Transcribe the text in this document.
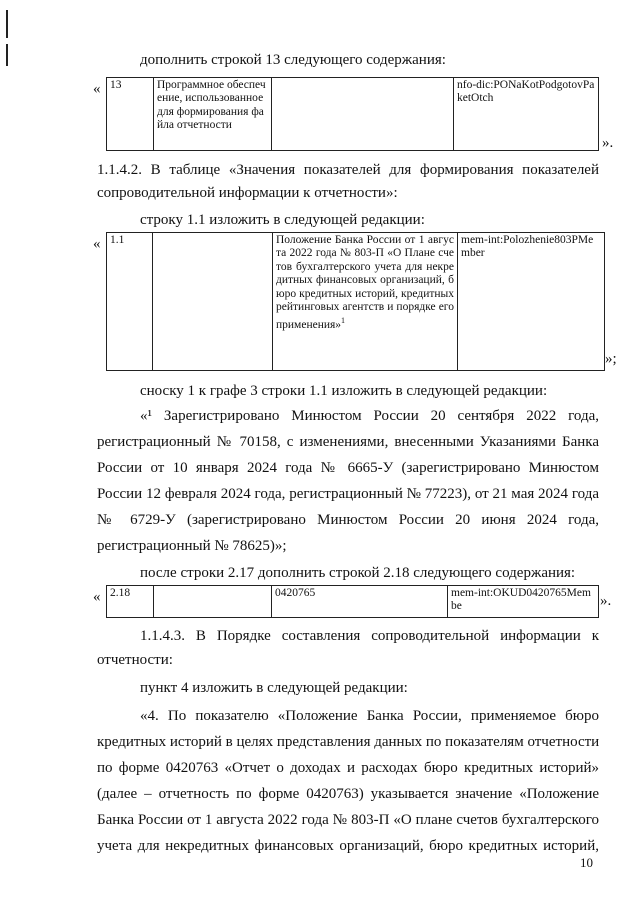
дополнить строкой 13 следующего содержания:
« 13	Программное обеспечение, использованное для формирования файла отчетности		nfo-dic:PONaKotPodgotovPaketOtch
».
1.1.4.2. В таблице «Значения показателей для формирования показателей
сопроводительной информации к отчетности»:
строку 1.1 изложить в следующей редакции:
« 1.1		Положение Банка России от 1 августа 2022 года № 803-П «О Плане счетов бухгалтерского учета для некредитных финансовых организаций, бюро кредитных историй, кредитных рейтинговых агентств и порядке его применения»$^1$	mem-int:Polozhenie803PMember
»;
сноску 1 к графе 3 строки 1.1 изложить в следующей редакции:
«¹ Зарегистрировано Минюстом России 20 сентября 2022 года,
регистрационный № 70158, с изменениями, внесенными Указаниями Банка
России от 10 января 2024 года № 6665-У (зарегистрировано Минюстом
России 12 февраля 2024 года, регистрационный № 77223), от 21 мая 2024 года
№ 6729-У (зарегистрировано Минюстом России 20 июня 2024 года,
регистрационный № 78625)»;
после строки 2.17 дополнить строкой 2.18 следующего содержания:
« 2.18		0420765	mem-int:OKUD0420765Membe	».
1.1.4.3. В Порядке составления сопроводительной информации к
отчетности:
пункт 4 изложить в следующей редакции:
«4. По показателю «Положение Банка России, применяемое бюро
кредитных историй в целях представления данных по показателям отчетности
по форме 0420763 «Отчет о доходах и расходах бюро кредитных историй»
(далее – отчетность по форме 0420763) указывается значение «Положение
Банка России от 1 августа 2022 года № 803-П «О плане счетов бухгалтерского
учета для некредитных финансовых организаций, бюро кредитных историй,
10
